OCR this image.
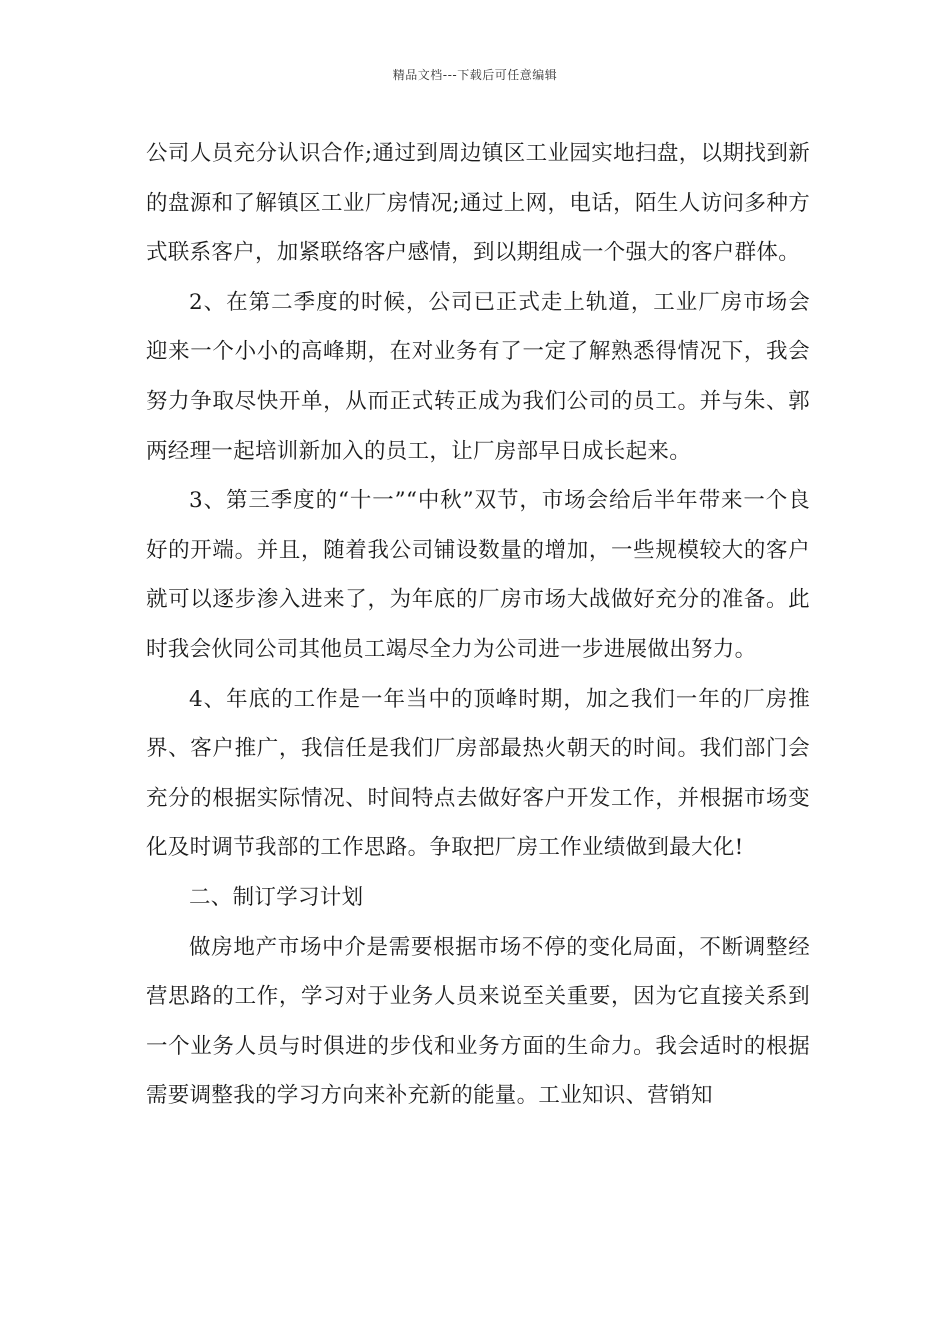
精品文档---下载后可任意编辑

公司人员充分认识合作;通过到周边镇区工业园实地扫盘，以期找到新的盘源和了解镇区工业厂房情况;通过上网，电话，陌生人访问多种方式联系客户，加紧联络客户感情，到以期组成一个强大的客户群体。

2、在第二季度的时候，公司已正式走上轨道，工业厂房市场会迎来一个小小的高峰期，在对业务有了一定了解熟悉得情况下，我会努力争取尽快开单，从而正式转正成为我们公司的员工。并与朱、郭两经理一起培训新加入的员工，让厂房部早日成长起来。

3、第三季度的“十一”“中秋”双节，市场会给后半年带来一个良好的开端。并且，随着我公司铺设数量的增加，一些规模较大的客户就可以逐步渗入进来了，为年底的厂房市场大战做好充分的准备。此时我会伙同公司其他员工竭尽全力为公司进一步进展做出努力。

4、年底的工作是一年当中的顶峰时期，加之我们一年的厂房推界、客户推广，我信任是我们厂房部最热火朝天的时间。我们部门会充分的根据实际情况、时间特点去做好客户开发工作，并根据市场变化及时调节我部的工作思路。争取把厂房工作业绩做到最大化!

二、制订学习计划

做房地产市场中介是需要根据市场不停的变化局面，不断调整经营思路的工作，学习对于业务人员来说至关重要，因为它直接关系到一个业务人员与时俱进的步伐和业务方面的生命力。我会适时的根据需要调整我的学习方向来补充新的能量。工业知识、营销知
